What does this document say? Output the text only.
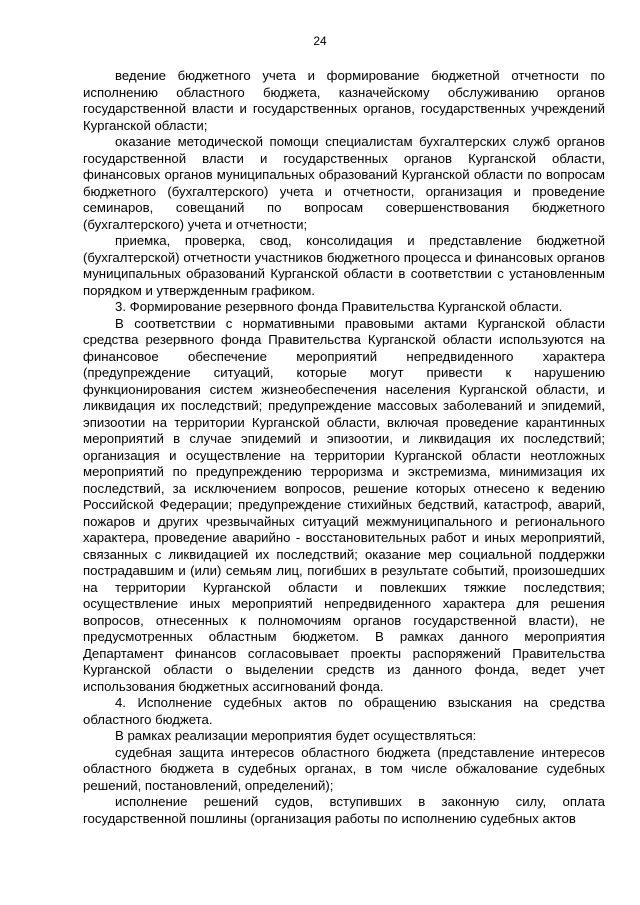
24

ведение бюджетного учета и формирование бюджетной отчетности по исполнению областного бюджета, казначейскому обслуживанию органов государственной власти и государственных органов, государственных учреждений Курганской области;

оказание методической помощи специалистам бухгалтерских служб органов государственной власти и государственных органов Курганской области, финансовых органов муниципальных образований Курганской области по вопросам бюджетного (бухгалтерского) учета и отчетности, организация и проведение семинаров, совещаний по вопросам совершенствования бюджетного (бухгалтерского) учета и отчетности;

приемка, проверка, свод, консолидация и представление бюджетной (бухгалтерской) отчетности участников бюджетного процесса и финансовых органов муниципальных образований Курганской области в соответствии с установленным порядком и утвержденным графиком.

3. Формирование резервного фонда Правительства Курганской области.

В соответствии с нормативными правовыми актами Курганской области средства резервного фонда Правительства Курганской области используются на финансовое обеспечение мероприятий непредвиденного характера (предупреждение ситуаций, которые могут привести к нарушению функционирования систем жизнеобеспечения населения Курганской области, и ликвидация их последствий; предупреждение массовых заболеваний и эпидемий, эпизоотии на территории Курганской области, включая проведение карантинных мероприятий в случае эпидемий и эпизоотии, и ликвидация их последствий; организация и осуществление на территории Курганской области неотложных мероприятий по предупреждению терроризма и экстремизма, минимизация их последствий, за исключением вопросов, решение которых отнесено к ведению Российской Федерации; предупреждение стихийных бедствий, катастроф, аварий, пожаров и других чрезвычайных ситуаций межмуниципального и регионального характера, проведение аварийно - восстановительных работ и иных мероприятий, связанных с ликвидацией их последствий; оказание мер социальной поддержки пострадавшим и (или) семьям лиц, погибших в результате событий, произошедших на территории Курганской области и повлекших тяжкие последствия; осуществление иных мероприятий непредвиденного характера для решения вопросов, отнесенных к полномочиям органов государственной власти), не предусмотренных областным бюджетом. В рамках данного мероприятия Департамент финансов согласовывает проекты распоряжений Правительства Курганской области о выделении средств из данного фонда, ведет учет использования бюджетных ассигнований фонда.

4. Исполнение судебных актов по обращению взыскания на средства областного бюджета.

В рамках реализации мероприятия будет осуществляться:

судебная защита интересов областного бюджета (представление интересов областного бюджета в судебных органах, в том числе обжалование судебных решений, постановлений, определений);

исполнение решений судов, вступивших в законную силу, оплата государственной пошлины (организация работы по исполнению судебных актов
